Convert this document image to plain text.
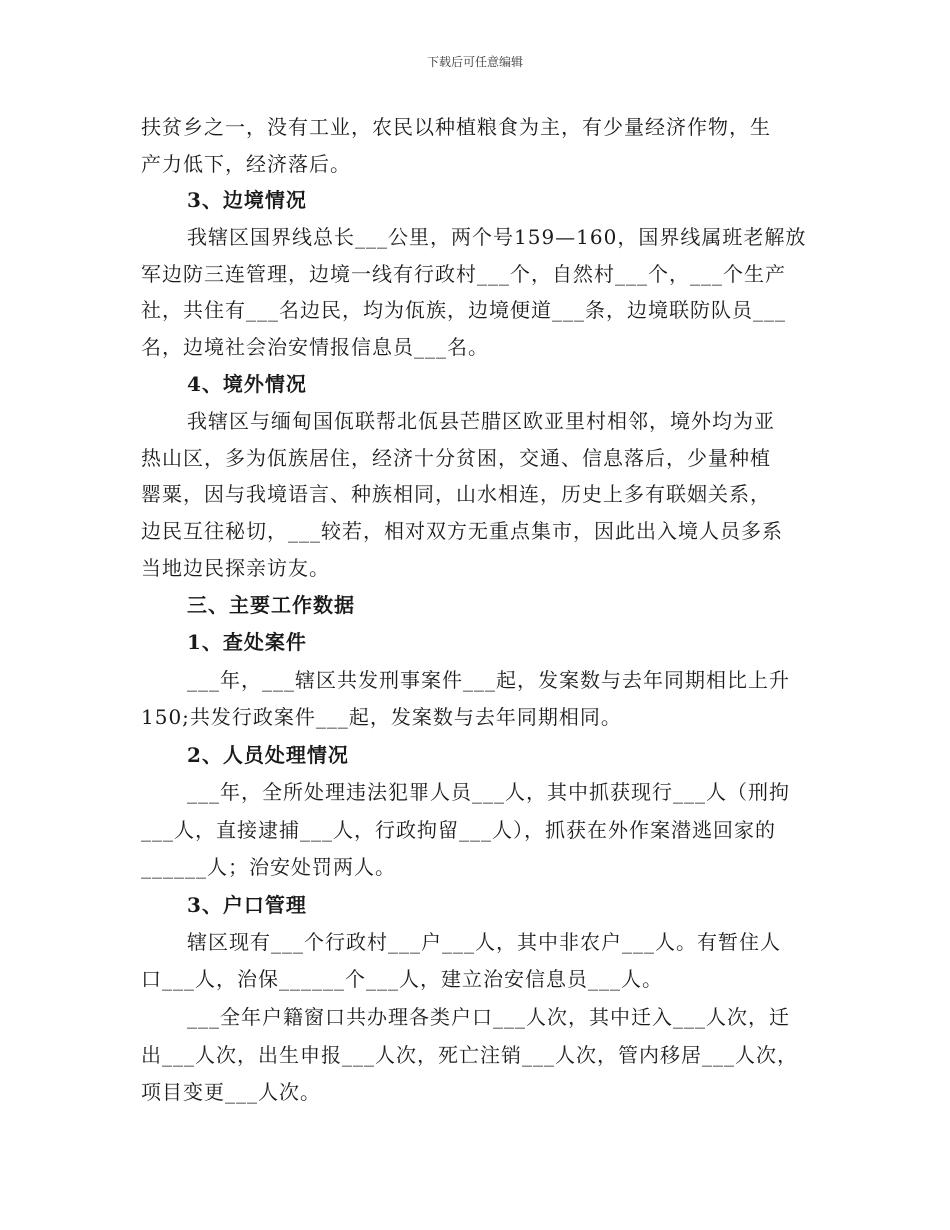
下载后可任意编辑

扶贫乡之一，没有工业，农民以种植粮食为主，有少量经济作物，生

产力低下，经济落后。

3、边境情况

我辖区国界线总长___公里，两个号159—160，国界线属班老解放

军边防三连管理，边境一线有行政村___个，自然村___个，___个生产

社，共住有___名边民，均为佤族，边境便道___条，边境联防队员___

名，边境社会治安情报信息员___名。

4、境外情况

我辖区与缅甸国佤联帮北佤县芒腊区欧亚里村相邻，境外均为亚

热山区，多为佤族居住，经济十分贫困，交通、信息落后，少量种植

罂粟，因与我境语言、种族相同，山水相连，历史上多有联姻关系，

边民互往秘切，___较若，相对双方无重点集市，因此出入境人员多系

当地边民探亲访友。

三、主要工作数据

1、查处案件

___年，___辖区共发刑事案件___起，发案数与去年同期相比上升

150;共发行政案件___起，发案数与去年同期相同。

2、人员处理情况

___年，全所处理违法犯罪人员___人，其中抓获现行___人（刑拘

___人，直接逮捕___人，行政拘留___人），抓获在外作案潜逃回家的

______人；治安处罚两人。

3、户口管理

辖区现有___个行政村___户___人，其中非农户___人。有暂住人

口___人，治保______个___人，建立治安信息员___人。

___全年户籍窗口共办理各类户口___人次，其中迁入___人次，迁

出___人次，出生申报___人次，死亡注销___人次，管内移居___人次，

项目变更___人次。
